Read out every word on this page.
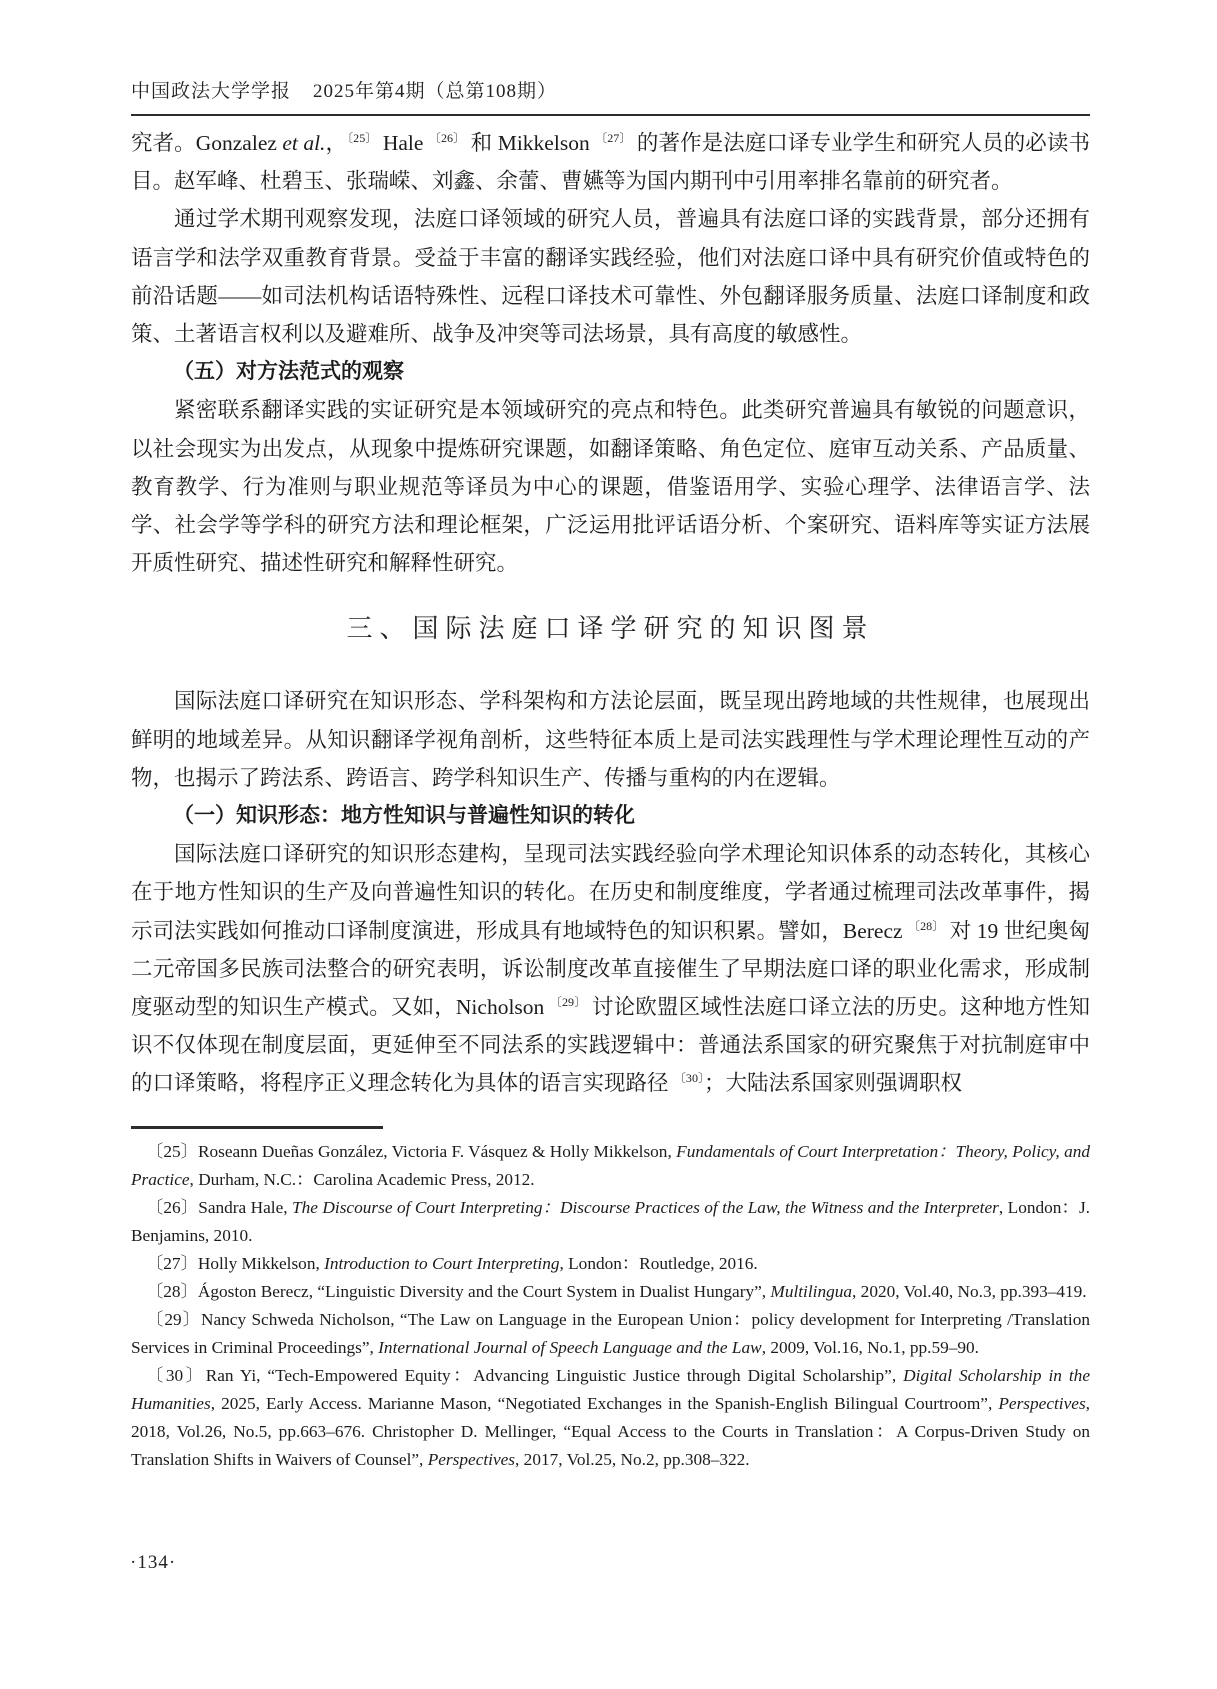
中国政法大学学报 2025年第4期（总第108期）

究者。Gonzalez et al.，$^{〔25〕}$ Hale $^{〔26〕}$ 和 Mikkelson $^{〔27〕}$ 的著作是法庭口译专业学生和研究人员的必读书目。赵军峰、杜碧玉、张瑞嵘、刘鑫、余蕾、曹嬿等为国内期刊中引用率排名靠前的研究者。

通过学术期刊观察发现，法庭口译领域的研究人员，普遍具有法庭口译的实践背景，部分还拥有语言学和法学双重教育背景。受益于丰富的翻译实践经验，他们对法庭口译中具有研究价值或特色的前沿话题——如司法机构话语特殊性、远程口译技术可靠性、外包翻译服务质量、法庭口译制度和政策、土著语言权利以及避难所、战争及冲突等司法场景，具有高度的敏感性。

（五）对方法范式的观察

紧密联系翻译实践的实证研究是本领域研究的亮点和特色。此类研究普遍具有敏锐的问题意识，以社会现实为出发点，从现象中提炼研究课题，如翻译策略、角色定位、庭审互动关系、产品质量、教育教学、行为准则与职业规范等译员为中心的课题，借鉴语用学、实验心理学、法律语言学、法学、社会学等学科的研究方法和理论框架，广泛运用批评话语分析、个案研究、语料库等实证方法展开质性研究、描述性研究和解释性研究。

三、国际法庭口译学研究的知识图景

国际法庭口译研究在知识形态、学科架构和方法论层面，既呈现出跨地域的共性规律，也展现出鲜明的地域差异。从知识翻译学视角剖析，这些特征本质上是司法实践理性与学术理论理性互动的产物，也揭示了跨法系、跨语言、跨学科知识生产、传播与重构的内在逻辑。

（一）知识形态：地方性知识与普遍性知识的转化

国际法庭口译研究的知识形态建构，呈现司法实践经验向学术理论知识体系的动态转化，其核心在于地方性知识的生产及向普遍性知识的转化。在历史和制度维度，学者通过梳理司法改革事件，揭示司法实践如何推动口译制度演进，形成具有地域特色的知识积累。譬如，Berecz $^{〔28〕}$ 对 19 世纪奥匈二元帝国多民族司法整合的研究表明，诉讼制度改革直接催生了早期法庭口译的职业化需求，形成制度驱动型的知识生产模式。又如，Nicholson $^{〔29〕}$ 讨论欧盟区域性法庭口译立法的历史。这种地方性知识不仅体现在制度层面，更延伸至不同法系的实践逻辑中：普通法系国家的研究聚焦于对抗制庭审中的口译策略，将程序正义理念转化为具体的语言实现路径 $^{〔30〕}$；大陆法系国家则强调职权

〔25〕Roseann Dueñas González, Victoria F. Vásquez & Holly Mikkelson, Fundamentals of Court Interpretation：Theory, Policy, and Practice, Durham, N.C.：Carolina Academic Press, 2012.

〔26〕Sandra Hale, The Discourse of Court Interpreting：Discourse Practices of the Law, the Witness and the Interpreter, London：J. Benjamins, 2010.

〔27〕Holly Mikkelson, Introduction to Court Interpreting, London：Routledge, 2016.

〔28〕Ágoston Berecz, “Linguistic Diversity and the Court System in Dualist Hungary”, Multilingua, 2020, Vol.40, No.3, pp.393–419.

〔29〕Nancy Schweda Nicholson, “The Law on Language in the European Union：policy development for Interpreting /Translation Services in Criminal Proceedings”, International Journal of Speech Language and the Law, 2009, Vol.16, No.1, pp.59–90.

〔30〕Ran Yi, “Tech-Empowered Equity：Advancing Linguistic Justice through Digital Scholarship”, Digital Scholarship in the Humanities, 2025, Early Access. Marianne Mason, “Negotiated Exchanges in the Spanish-English Bilingual Courtroom”, Perspectives, 2018, Vol.26, No.5, pp.663–676. Christopher D. Mellinger, “Equal Access to the Courts in Translation：A Corpus-Driven Study on Translation Shifts in Waivers of Counsel”, Perspectives, 2017, Vol.25, No.2, pp.308–322.

·134·
